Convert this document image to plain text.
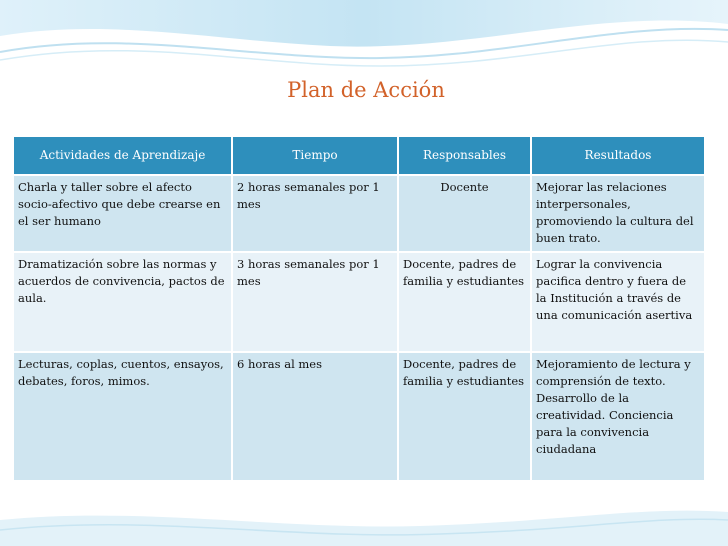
Plan de Acción
Actividades de Aprendizaje	Tiempo	Responsables	Resultados
Charla y taller sobre el afecto socio-afectivo que debe crearse en el ser humano	2 horas semanales por 1 mes	Docente	Mejorar las relaciones interpersonales, promoviendo la cultura del buen trato.
Dramatización sobre las normas y acuerdos de convivencia, pactos de aula.	3 horas semanales por 1 mes	Docente, padres de familia y estudiantes	Lograr la convivencia pacifica dentro y fuera de la Institución a través de una comunicación asertiva
Lecturas, coplas, cuentos, ensayos, debates, foros, mimos.	6 horas al mes	Docente, padres de familia y estudiantes	Mejoramiento de lectura y comprensión de texto. Desarrollo de la creatividad. Conciencia para la convivencia ciudadana
